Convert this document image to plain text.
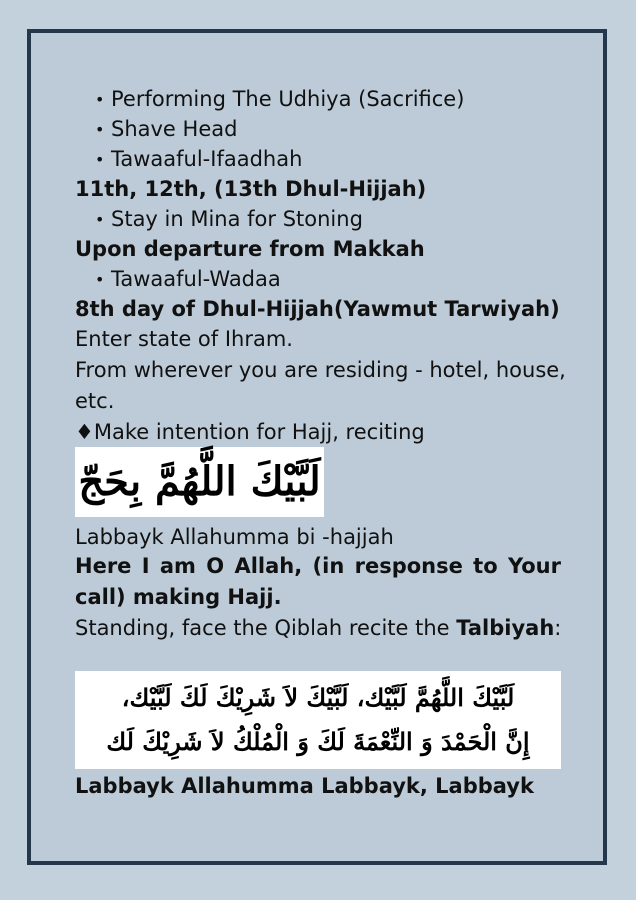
• Performing The Udhiya (Sacrifice)
• Shave Head
• Tawaaful-Ifaadhah
11th, 12th, (13th Dhul-Hijjah)
• Stay in Mina for Stoning
Upon departure from Makkah
• Tawaaful-Wadaa
8th day of Dhul-Hijjah(Yawmut Tarwiyah)
Enter state of Ihram.
From wherever you are residing - hotel, house,
etc.
♦Make intention for Hajj, reciting
لَبَّيْكَ اللَّهُمَّ بِحَجّ
Labbayk Allahumma bi -hajjah
Here I am O Allah, (in response to Your
call) making Hajj.
Standing, face the Qiblah recite the Talbiyah:
لَبَّيْكَ اللَّهُمَّ لَبَّيْك، لَبَّيْكَ لاَ شَرِيْكَ لَكَ لَبَّيْك،
إِنَّ الْحَمْدَ وَ النِّعْمَةَ لَكَ وَ الْمُلْكُ لاَ شَرِيْكَ لَك
Labbayk Allahumma Labbayk, Labbayk
